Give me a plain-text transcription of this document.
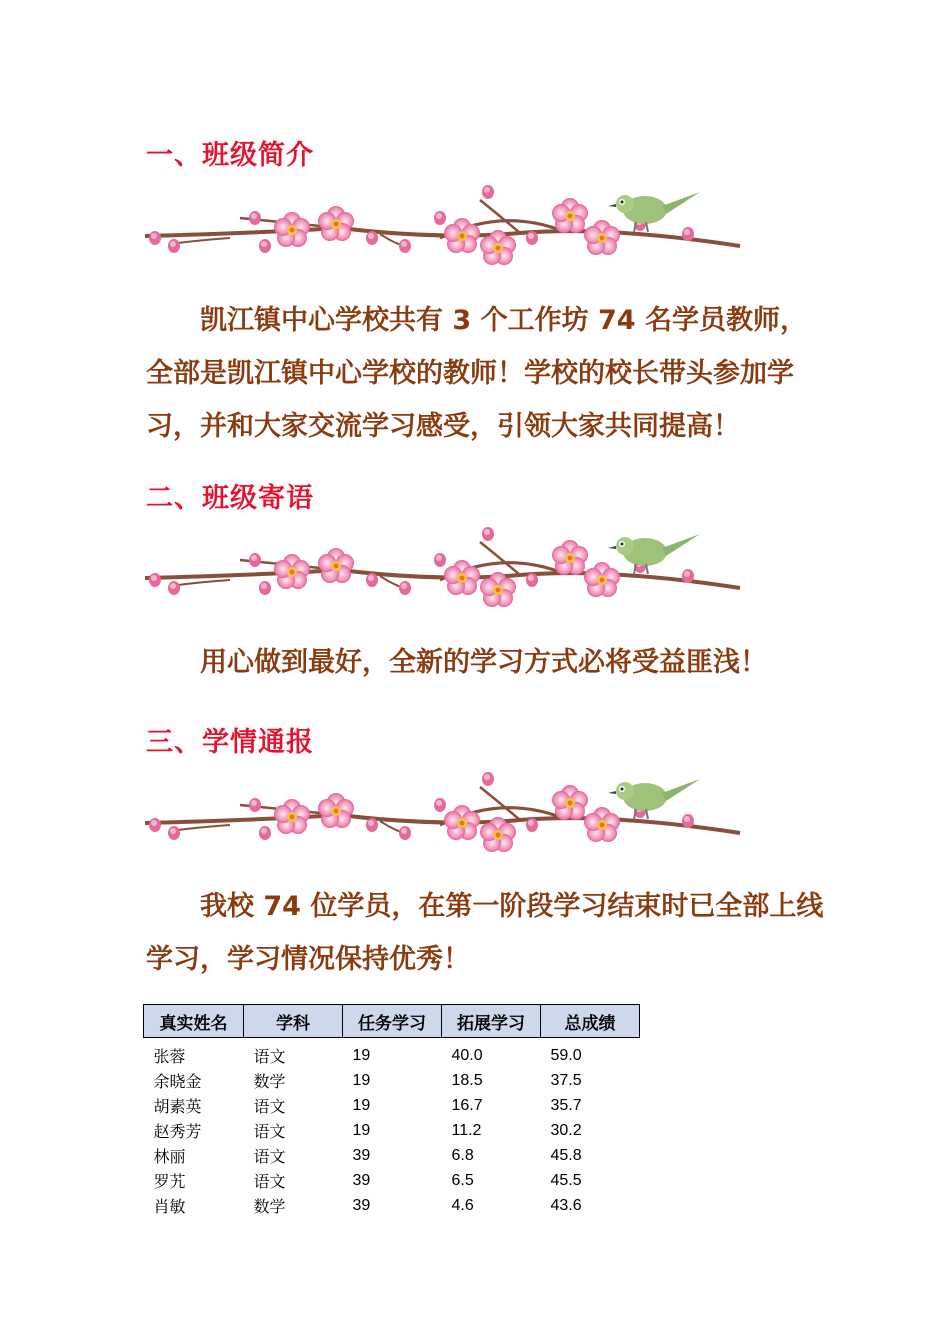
一、班级简介

凯江镇中心学校共有 3 个工作坊 74 名学员教师，全部是凯江镇中心学校的教师！学校的校长带头参加学习，并和大家交流学习感受，引领大家共同提高！

二、班级寄语

用心做到最好，全新的学习方式必将受益匪浅！

三、学情通报

我校 74 位学员，在第一阶段学习结束时已全部上线学习，学习情况保持优秀！

真实姓名	学科	任务学习	拓展学习	总成绩

张蓉	语文	19	40.0	59.0
余晓金	数学	19	18.5	37.5
胡素英	语文	19	16.7	35.7
赵秀芳	语文	19	11.2	30.2
林丽	语文	39	6.8	45.8
罗艽	语文	39	6.5	45.5
肖敏	数学	39	4.6	43.6
